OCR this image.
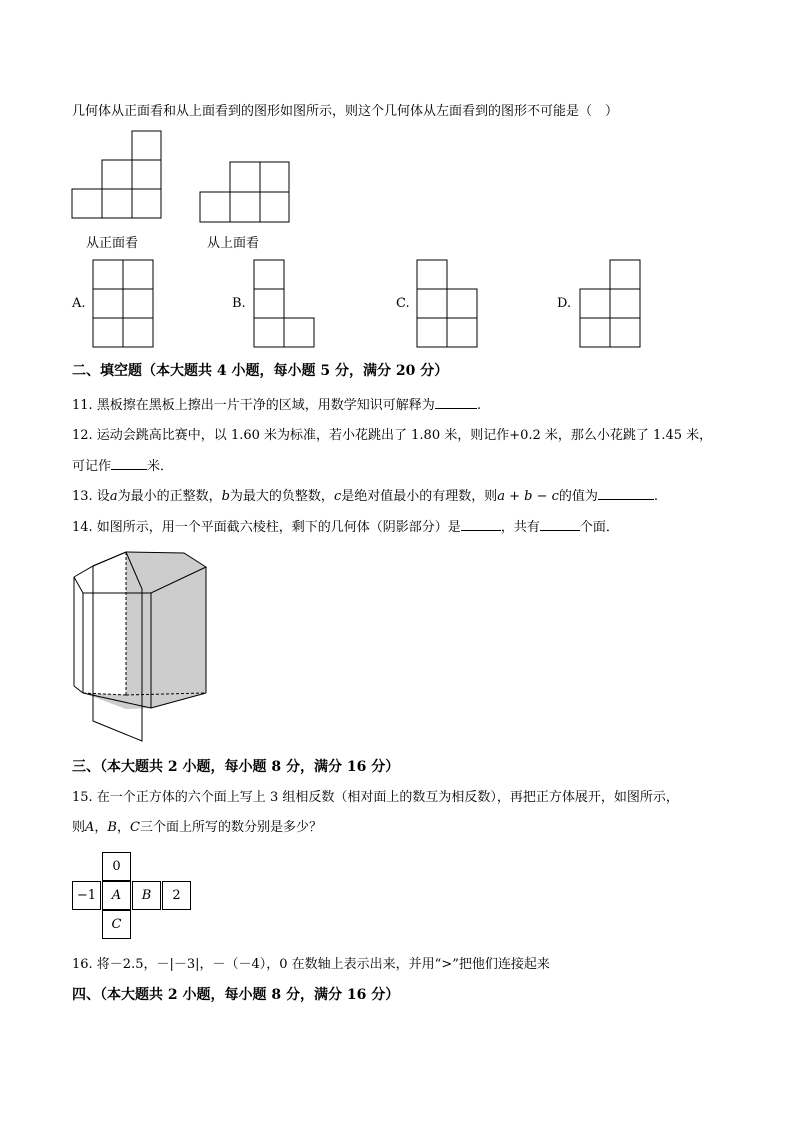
几何体从正面看和从上面看到的图形如图所示，则这个几何体从左面看到的图形不可能是（　）
从正面看	从上面看
A.	B.	C.	D.
二、填空题（本大题共 4 小题，每小题 5 分，满分 20 分）
11. 黑板擦在黑板上擦出一片干净的区域，用数学知识可解释为	.
12. 运动会跳高比赛中，以 1.60 米为标准，若小花跳出了 1.80 米，则记作+0.2 米，那么小花跳了 1.45 米，
可记作	米．
13. 设a为最小的正整数，b为最大的负整数，c是绝对值最小的有理数，则a + b − c的值为	.
14. 如图所示，用一个平面截六棱柱，剩下的几何体（阴影部分）是	，共有	个面．
三、（本大题共 2 小题，每小题 8 分，满分 16 分）
15. 在一个正方体的六个面上写上 3 组相反数（相对面上的数互为相反数），再把正方体展开，如图所示，
则A，B，C三个面上所写的数分别是多少？
0
−1	A	B	2
C
16. 将－2.5，－|－3|，－（－4），0 在数轴上表示出来，并用“>”把他们连接起来
四、（本大题共 2 小题，每小题 8 分，满分 16 分）
